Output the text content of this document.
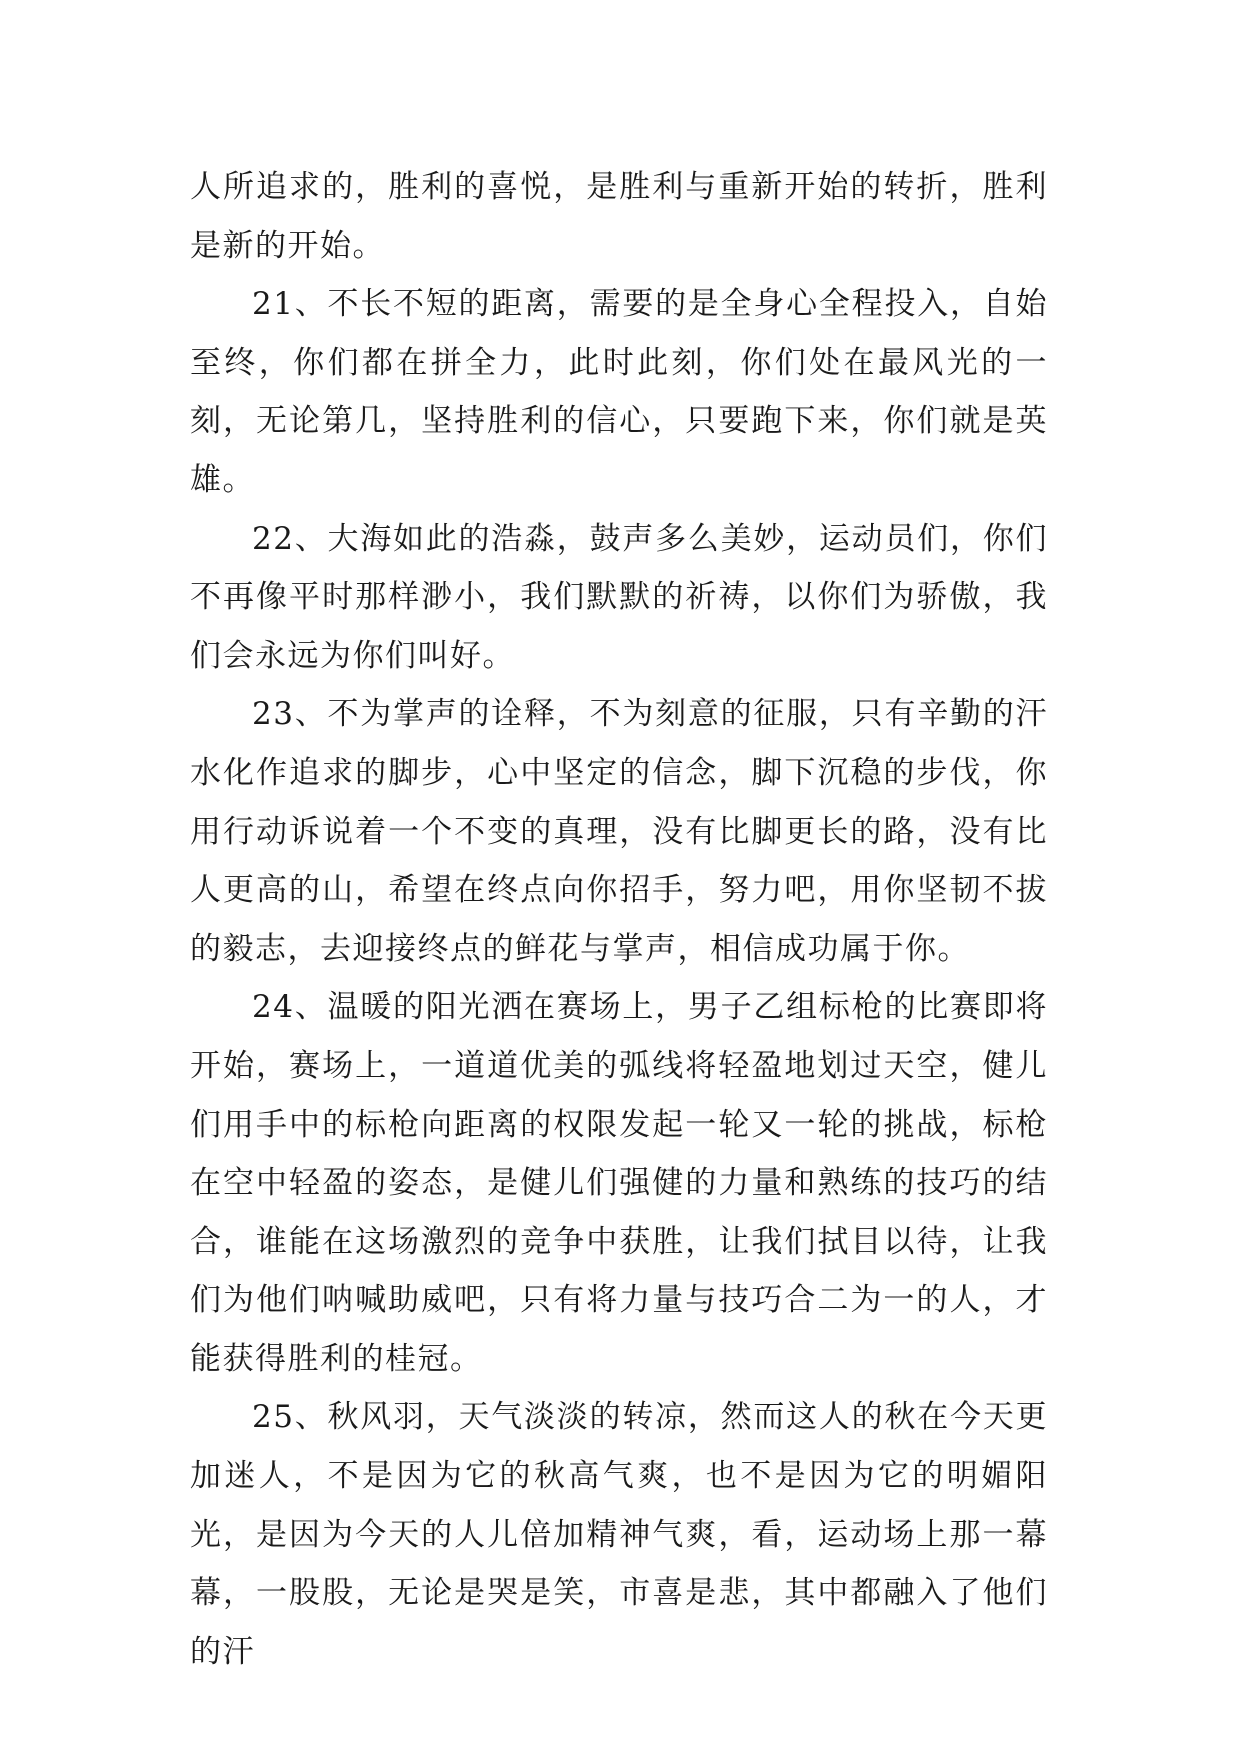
人所追求的，胜利的喜悦，是胜利与重新开始的转折，胜利是新的开始。

21、不长不短的距离，需要的是全身心全程投入，自始至终，你们都在拼全力，此时此刻，你们处在最风光的一刻，无论第几，坚持胜利的信心，只要跑下来，你们就是英雄。

22、大海如此的浩淼，鼓声多么美妙，运动员们，你们不再像平时那样渺小，我们默默的祈祷，以你们为骄傲，我们会永远为你们叫好。

23、不为掌声的诠释，不为刻意的征服，只有辛勤的汗水化作追求的脚步，心中坚定的信念，脚下沉稳的步伐，你用行动诉说着一个不变的真理，没有比脚更长的路，没有比人更高的山，希望在终点向你招手，努力吧，用你坚韧不拔的毅志，去迎接终点的鲜花与掌声，相信成功属于你。

24、温暖的阳光洒在赛场上，男子乙组标枪的比赛即将开始，赛场上，一道道优美的弧线将轻盈地划过天空，健儿们用手中的标枪向距离的权限发起一轮又一轮的挑战，标枪在空中轻盈的姿态，是健儿们强健的力量和熟练的技巧的结合，谁能在这场激烈的竞争中获胜，让我们拭目以待，让我们为他们呐喊助威吧，只有将力量与技巧合二为一的人，才能获得胜利的桂冠。

25、秋风羽，天气淡淡的转凉，然而这人的秋在今天更加迷人，不是因为它的秋高气爽，也不是因为它的明媚阳光，是因为今天的人儿倍加精神气爽，看，运动场上那一幕幕，一股股，无论是哭是笑，市喜是悲，其中都融入了他们的汗
